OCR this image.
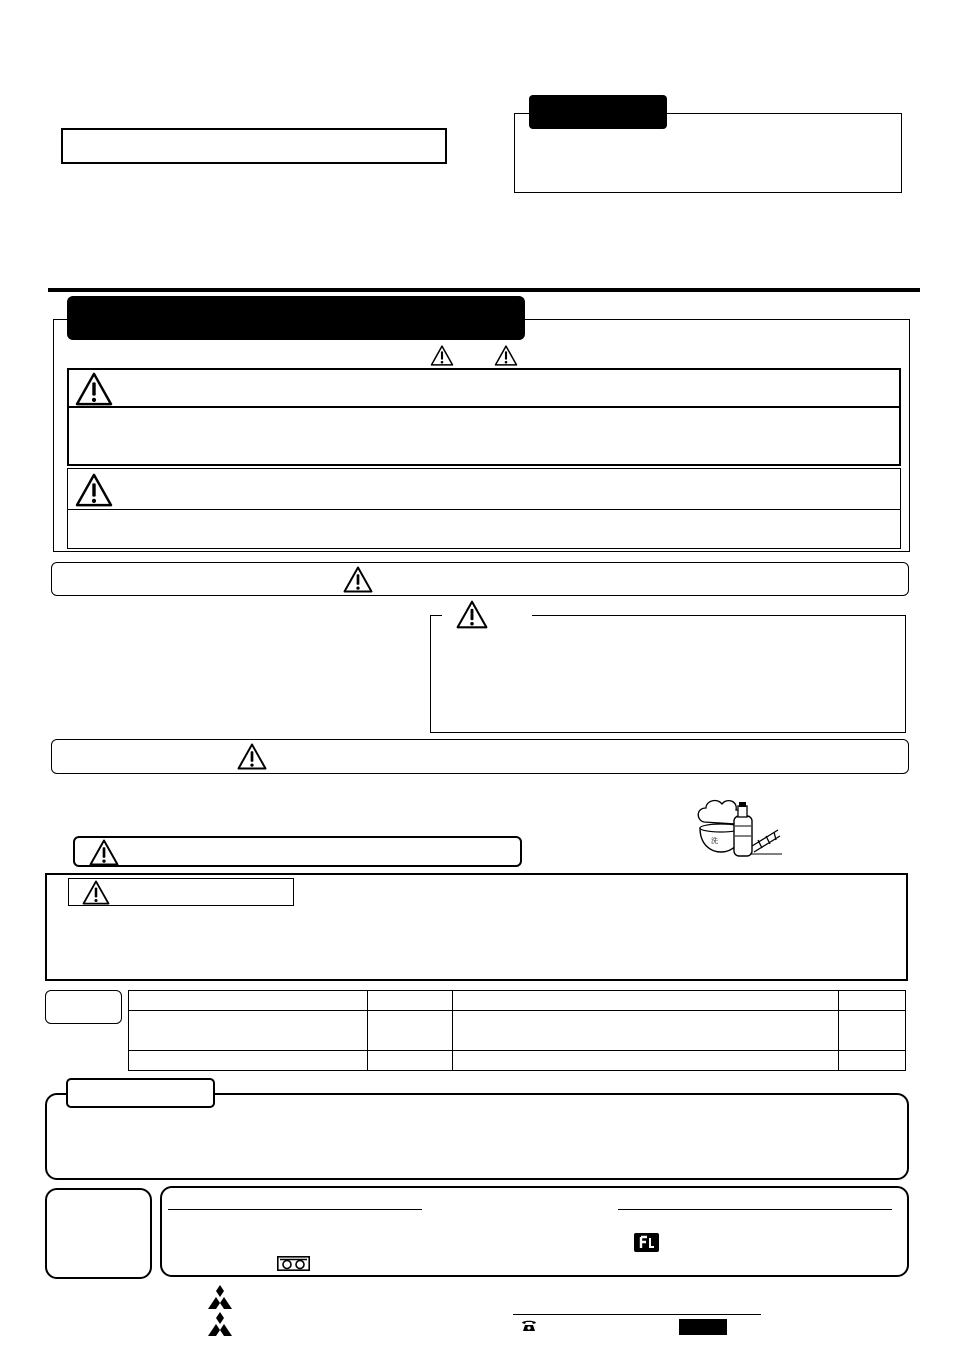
洗
